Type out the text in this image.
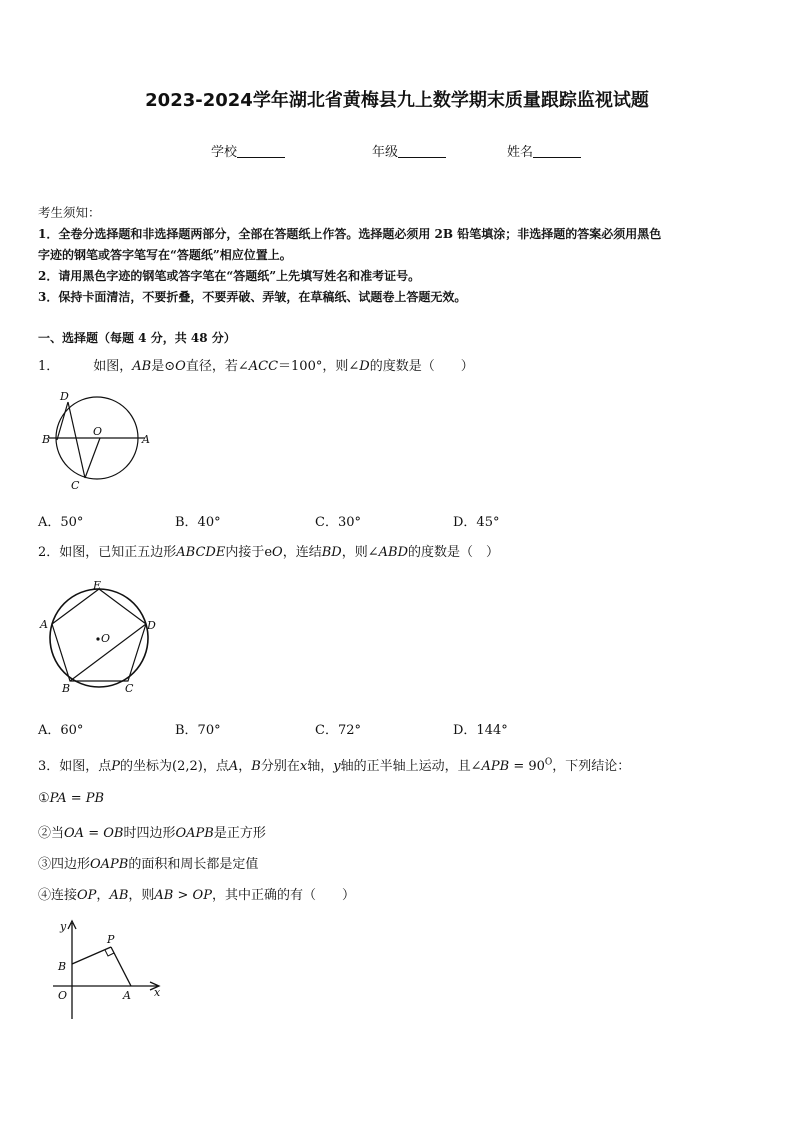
2023-2024学年湖北省黄梅县九上数学期末质量跟踪监视试题
学校	年级	姓名
考生须知：
1．全卷分选择题和非选择题两部分，全部在答题纸上作答。选择题必须用 2B 铅笔填涂；非选择题的答案必须用黑色
字迹的钢笔或答字笔写在“答题纸”相应位置上。
2．请用黑色字迹的钢笔或答字笔在“答题纸”上先填写姓名和准考证号。
3．保持卡面清洁，不要折叠，不要弄破、弄皱，在草稿纸、试题卷上答题无效。
一、选择题（每题 4 分，共 48 分）
1．	如图，AB是⊙O直径，若∠ACC＝100°，则∠D的度数是（　　）
D
B
O
A
C
A．50°	B．40°	C．30°	D．45°
2．如图，已知正五边形ABCDE内接于eO，连结BD，则∠ABD的度数是（　）
E
A	D
O
B	C
A．60°	B．70°	C．72°	D．144°
3．如图，点P的坐标为(2,2)，点A，B分别在x轴，y轴的正半轴上运动，且∠APB = $90^O$，下列结论：
①PA = PB
②当OA = OB时四边形OAPB是正方形
③四边形OAPB的面积和周长都是定值
④连接OP，AB，则AB > OP，其中正确的有（　　）
y
P
B
O	A x
